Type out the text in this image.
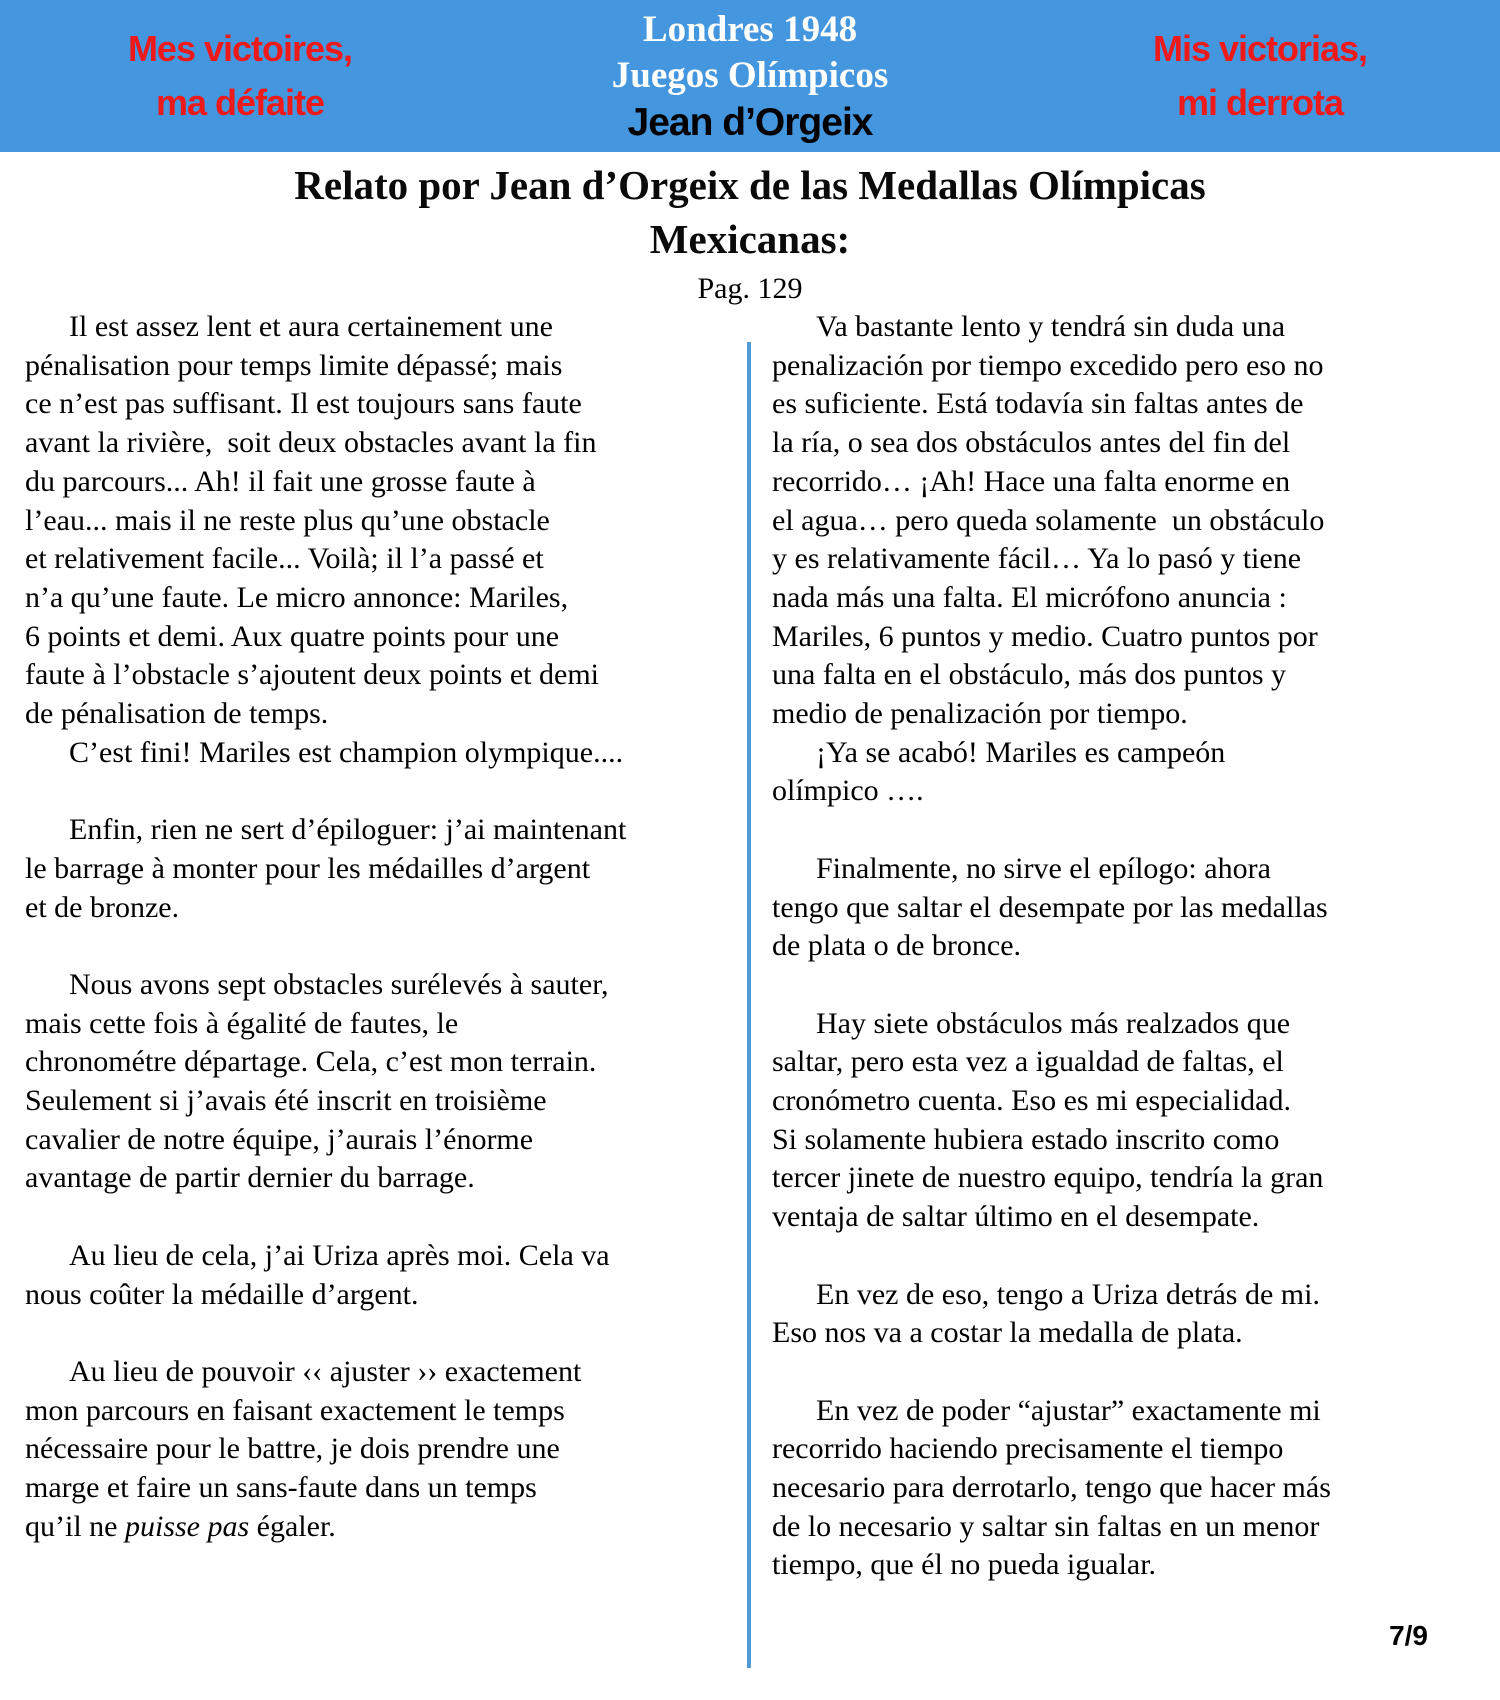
Mes victoires,
ma défaite
Londres 1948
Juegos Olímpicos
Jean d’Orgeix
Mis victorias,
mi derrota
Relato por Jean d’Orgeix de las Medallas Olímpicas
Mexicanas:
Pag. 129
Il est assez lent et aura certainement une
pénalisation pour temps limite dépassé; mais
ce n’est pas suffisant. Il est toujours sans faute
avant la rivière,  soit deux obstacles avant la fin
du parcours... Ah! il fait une grosse faute à
l’eau... mais il ne reste plus qu’une obstacle
et relativement facile... Voilà; il l’a passé et
n’a qu’une faute. Le micro annonce: Mariles,
6 points et demi. Aux quatre points pour une
faute à l’obstacle s’ajoutent deux points et demi
de pénalisation de temps.
C’est fini! Mariles est champion olympique....
Enfin, rien ne sert d’épiloguer: j’ai maintenant
le barrage à monter pour les médailles d’argent
et de bronze.
Nous avons sept obstacles surélevés à sauter,
mais cette fois à égalité de fautes, le
chronométre départage. Cela, c’est mon terrain.
Seulement si j’avais été inscrit en troisième
cavalier de notre équipe, j’aurais l’énorme
avantage de partir dernier du barrage.
Au lieu de cela, j’ai Uriza après moi. Cela va
nous coûter la médaille d’argent.
Au lieu de pouvoir ‹‹ ajuster ›› exactement
mon parcours en faisant exactement le temps
nécessaire pour le battre, je dois prendre une
marge et faire un sans-faute dans un temps
qu’il ne puisse pas égaler.
Va bastante lento y tendrá sin duda una
penalización por tiempo excedido pero eso no
es suficiente. Está todavía sin faltas antes de
la ría, o sea dos obstáculos antes del fin del
recorrido… ¡Ah! Hace una falta enorme en
el agua… pero queda solamente  un obstáculo
y es relativamente fácil… Ya lo pasó y tiene
nada más una falta. El micrófono anuncia :
Mariles, 6 puntos y medio. Cuatro puntos por
una falta en el obstáculo, más dos puntos y
medio de penalización por tiempo.
¡Ya se acabó! Mariles es campeón
olímpico ….
Finalmente, no sirve el epílogo: ahora
tengo que saltar el desempate por las medallas
de plata o de bronce.
Hay siete obstáculos más realzados que
saltar, pero esta vez a igualdad de faltas, el
cronómetro cuenta. Eso es mi especialidad.
Si solamente hubiera estado inscrito como
tercer jinete de nuestro equipo, tendría la gran
ventaja de saltar último en el desempate.
En vez de eso, tengo a Uriza detrás de mi.
Eso nos va a costar la medalla de plata.
En vez de poder “ajustar” exactamente mi
recorrido haciendo precisamente el tiempo
necesario para derrotarlo, tengo que hacer más
de lo necesario y saltar sin faltas en un menor
tiempo, que él no pueda igualar.
7/9
